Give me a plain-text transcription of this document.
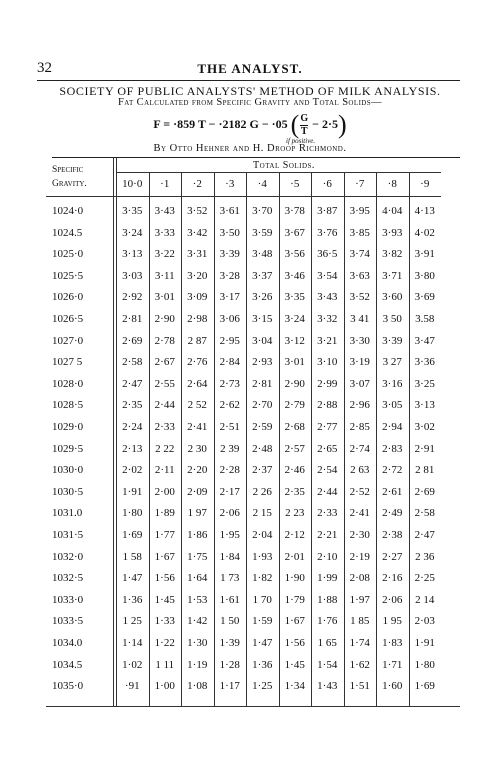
32	THE ANALYST.
SOCIETY OF PUBLIC ANALYSTS' METHOD OF MILK ANALYSIS.
Fat Calculated from Specific Gravity and Total Solids—
F = ·859 T − ·2182 G − ·05 ( $\frac{G}{T} - 2\cdot 5$)
if positive.
By Otto Hehner and H. Droop Richmond.
Specific Gravity.
Total Solids.
10·0	·1	·2	·3	·4	·5	·6	·7	·8	·9
1024·0	3·35	3·43	3·52	3·61	3·70	3·78	3·87	3·95	4·04	4·13
1024.5	3·24	3·33	3·42	3·50	3·59	3·67	3·76	3·85	3·93	4·02
1025·0	3·13	3·22	3·31	3·39	3·48	3·56	36·5	3·74	3·82	3·91
1025·5	3·03	3·11	3·20	3·28	3·37	3·46	3·54	3·63	3·71	3·80
1026·0	2·92	3·01	3·09	3·17	3·26	3·35	3·43	3·52	3·60	3·69
1026·5	2·81	2·90	2·98	3·06	3·15	3·24	3·32	3 41	3 50	3.58
1027·0	2·69	2·78	2 87	2·95	3·04	3·12	3·21	3·30	3·39	3·47
1027 5	2·58	2·67	2·76	2·84	2·93	3·01	3·10	3·19	3 27	3·36
1028·0	2·47	2·55	2·64	2·73	2·81	2·90	2·99	3·07	3·16	3·25
1028·5	2·35	2·44	2 52	2·62	2·70	2·79	2·88	2·96	3·05	3·13
1029·0	2·24	2·33	2·41	2·51	2·59	2·68	2·77	2·85	2·94	3·02
1029·5	2·13	2 22	2 30	2 39	2·48	2·57	2·65	2·74	2·83	2·91
1030·0	2·02	2·11	2·20	2·28	2·37	2·46	2·54	2 63	2·72	2 81
1030·5	1·91	2·00	2·09	2·17	2 26	2·35	2·44	2·52	2·61	2·69
1031.0	1·80	1·89	1 97	2·06	2 15	2 23	2·33	2·41	2·49	2·58
1031·5	1·69	1·77	1·86	1·95	2·04	2·12	2·21	2·30	2·38	2·47
1032·0	1 58	1·67	1·75	1·84	1·93	2·01	2·10	2·19	2·27	2 36
1032·5	1·47	1·56	1·64	1 73	1·82	1·90	1·99	2·08	2·16	2·25
1033·0	1·36	1·45	1·53	1·61	1 70	1·79	1·88	1·97	2·06	2 14
1033·5	1 25	1·33	1·42	1 50	1·59	1·67	1·76	1 85	1 95	2·03
1034.0	1·14	1·22	1·30	1·39	1·47	1·56	1 65	1·74	1·83	1·91
1034.5	1·02	1 11	1·19	1·28	1·36	1·45	1·54	1·62	1·71	1·80
1035·0	·91	1·00	1·08	1·17	1·25	1·34	1·43	1·51	1·60	1·69
